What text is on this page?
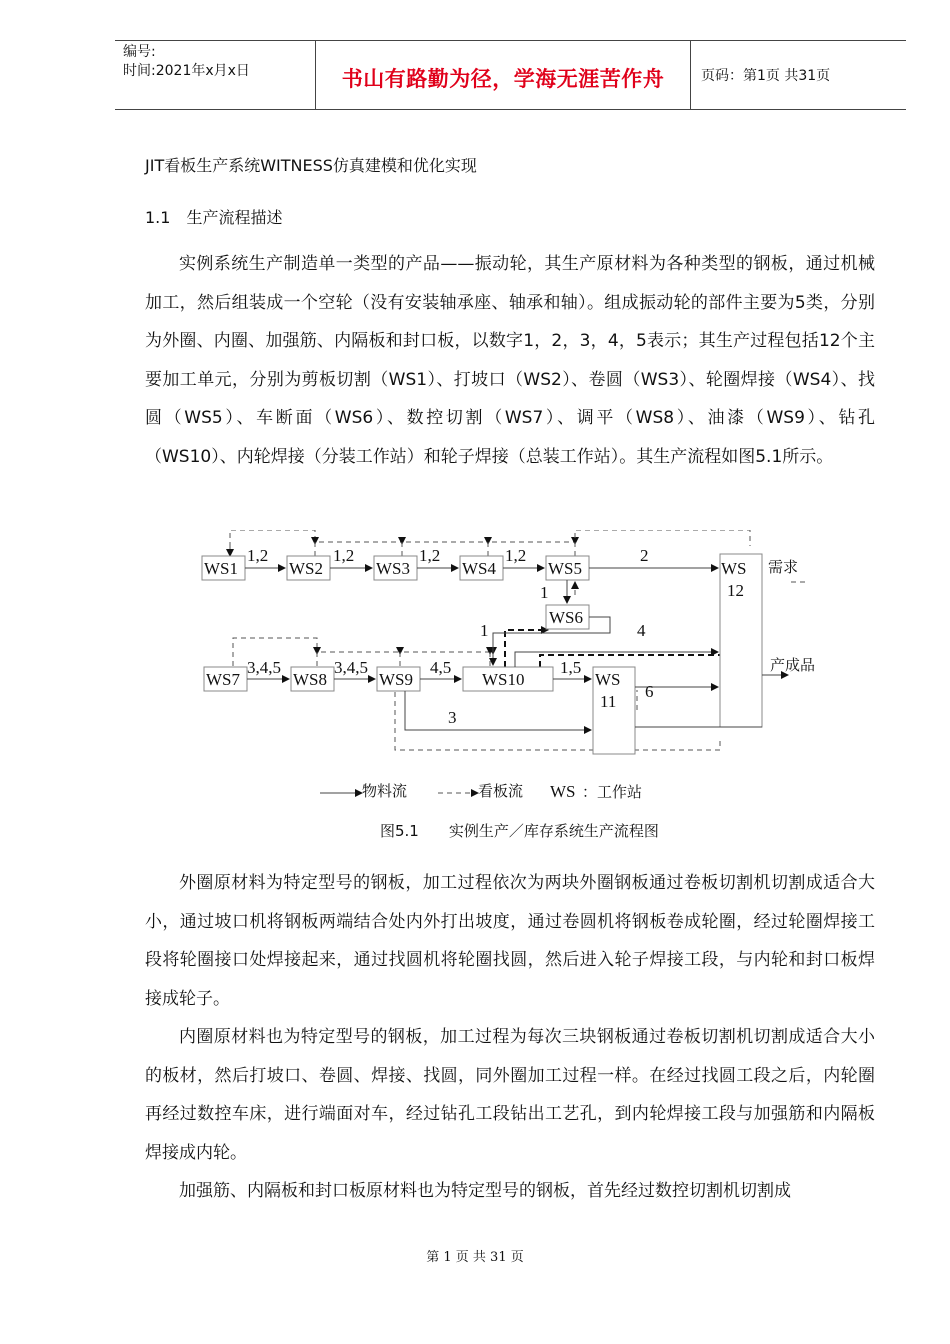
编号:
时间:2021年x月x日	书山有路勤为径，学海无涯苦作舟	页码：第1页 共31页
JIT看板生产系统WITNESS仿真建模和优化实现
1.1　生产流程描述

实例系统生产制造单一类型的产品——振动轮，其生产原材料为各种类型的钢板，通过机械加工，然后组装成一个空轮（没有安装轴承座、轴承和轴）。组成振动轮的部件主要为5类，分别为外圈、内圈、加强筋、内隔板和封口板，以数字1，2，3，4，5表示；其生产过程包括12个主要加工单元，分别为剪板切割（WS1）、打坡口（WS2）、卷圆（WS3）、轮圈焊接（WS4）、找圆（WS5）、车断面（WS6）、数控切割（WS7）、调平（WS8）、油漆（WS9）、钻孔（WS10）、内轮焊接（分装工作站）和轮子焊接（总装工作站）。其生产流程如图5.1所示。

WS1	WS2	WS3	WS4	WS5
WS6
WS7	WS8	WS9	WS10	WS
11
WS
12
1,2	1,2	1,2	1,2	2
1
1	4
3,4,5	3,4,5	4,5	1,5
6
3
需求
产成品
物料流	看板流 WS ：工作站
图5.1　　实例生产／库存系统生产流程图

外圈原材料为特定型号的钢板，加工过程依次为两块外圈钢板通过卷板切割机切割成适合大小，通过坡口机将钢板两端结合处内外打出坡度，通过卷圆机将钢板卷成轮圈，经过轮圈焊接工段将轮圈接口处焊接起来，通过找圆机将轮圈找圆，然后进入轮子焊接工段，与内轮和封口板焊接成轮子。

内圈原材料也为特定型号的钢板，加工过程为每次三块钢板通过卷板切割机切割成适合大小的板材，然后打坡口、卷圆、焊接、找圆，同外圈加工过程一样。在经过找圆工段之后，内轮圈再经过数控车床，进行端面对车，经过钻孔工段钻出工艺孔，到内轮焊接工段与加强筋和内隔板焊接成内轮。

加强筋、内隔板和封口板原材料也为特定型号的钢板，首先经过数控切割机切割成

第 1 页 共 31 页
